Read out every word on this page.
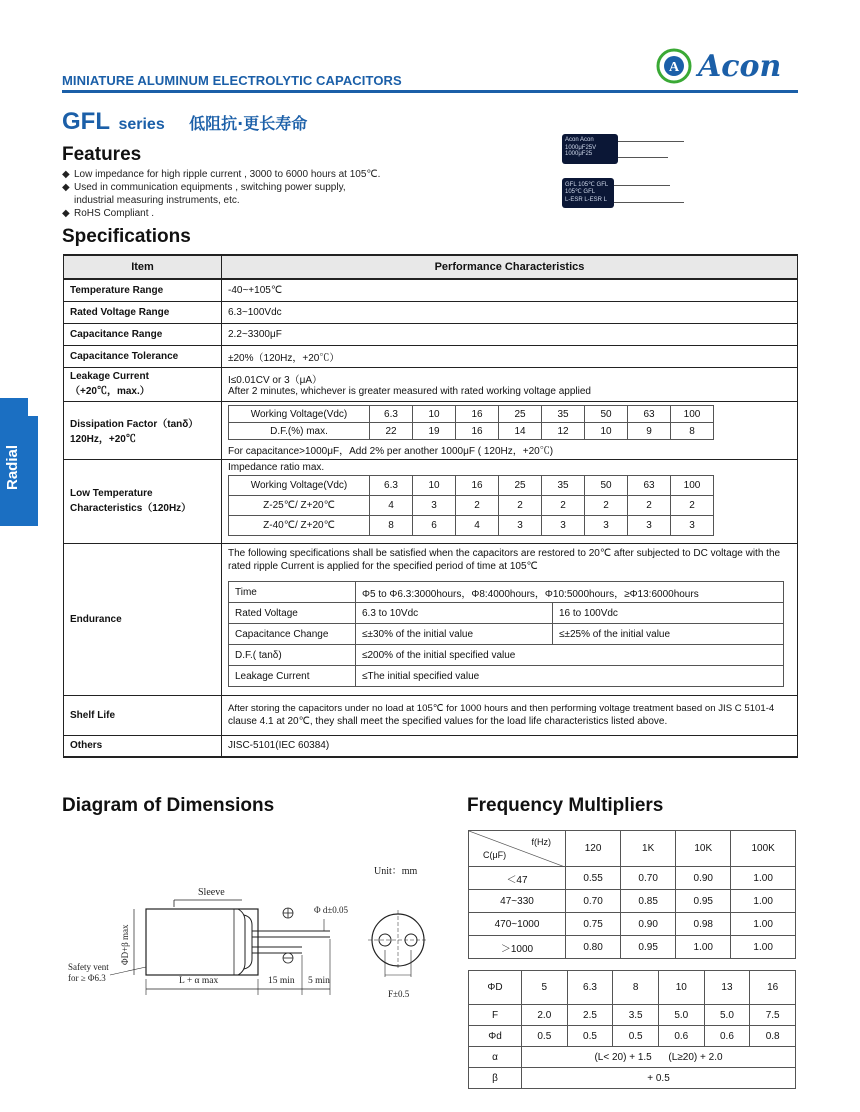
MINIATURE ALUMINUM ELECTROLYTIC CAPACITORS
A Acon
GFL series 低阻抗·更长寿命
Features
◆ Low impedance for high ripple current , 3000 to 6000 hours at 105℃.
◆ Used in communication equipments , switching power supply,
industrial measuring instruments, etc.
◆ RoHS Compliant .
Acon Acon
1000μF25V 1000μF25
GFL 105℃ GFL 105℃ GFL
L-ESR L-ESR L
Specifications
Radial
Item	Performance Characteristics
Temperature Range	-40~+105℃
Rated Voltage Range	6.3~100Vdc
Capacitance Range	2.2~3300μF
Capacitance Tolerance	±20%（120Hz，+20℃）

Leakage Current
（+20℃，max.）

I≤0.01CV or 3（μA）
After 2 minutes, whichever is greater measured with rated working voltage applied

Dissipation Factor（tanδ）
120Hz，+20℃

Working Voltage(Vdc)	6.3	10	16	25	35	50	63	100
D.F.(%) max.	22	19	16	14	12	10	9	8
For capacitance>1000μF，Add 2% per another 1000μF ( 120Hz，+20℃)

Low Temperature
Characteristics（120Hz）

Impedance ratio max.
Working Voltage(Vdc)	6.3	10	16	25	35	50	63	100
Z-25℃/ Z+20℃	4	3	2	2	2	2	2	2
Z-40℃/ Z+20℃	8	6	4	3	3	3	3	3

Endurance	
The following specifications shall be satisfied when the capacitors are restored to 20℃ after subjected to DC voltage with the
rated ripple Current is applied for the specified period of time at 105℃
Time	Φ5 to Φ6.3:3000hours，Φ8:4000hours，Φ10:5000hours，≥Φ13:6000hours
Rated Voltage	6.3 to 10Vdc	16 to 100Vdc
Capacitance Change	≤±30% of the initial value	≤±25% of the initial value
D.F.( tanδ)	≤200% of the initial specified value
Leakage Current	≤The initial specified value

Shelf Life	
After storing the capacitors under no load at 105℃ for 1000 hours and then performing voltage treatment based on JIS C 5101-4
clause 4.1 at 20℃, they shall meet the specified values for the load life characteristics listed above.

Others	JISC-5101(IEC 60384)
Diagram of Dimensions
Unit：mm
Sleeve
Φ d±0.05
ΦD+β max
Safety vent
for ≥ Φ6.3	L + α max	15 min 5 min
F±0.5
Frequency Multipliers
f(Hz)
C(μF)	120	1K	10K	100K
＜47	0.55	0.70	0.90	1.00
47~330	0.70	0.85	0.95	1.00
470~1000	0.75	0.90	0.98	1.00
＞1000	0.80	0.95	1.00	1.00
ΦD	5	6.3	8	10	13	16
F	2.0	2.5	3.5	5.0	5.0	7.5
Φd	0.5	0.5	0.5	0.6	0.6	0.8
α	(L< 20) + 1.5      (L≥20) + 2.0					
β	+ 0.5					
